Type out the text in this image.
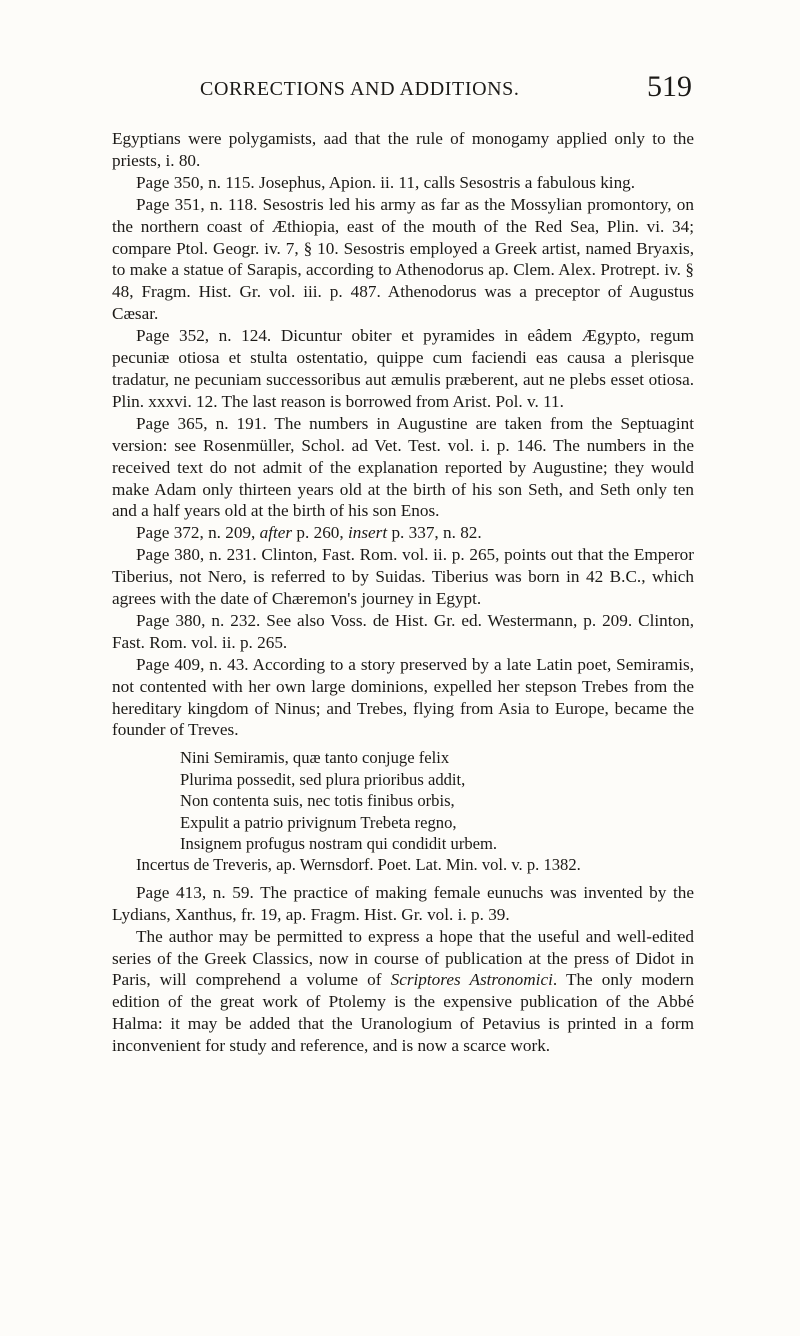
CORRECTIONS AND ADDITIONS.	519

Egyptians were polygamists, aad that the rule of monogamy applied only to the priests, i. 80.

Page 350, n. 115. Josephus, Apion. ii. 11, calls Sesostris a fabulous king.

Page 351, n. 118. Sesostris led his army as far as the Mossylian promontory, on the northern coast of Æthiopia, east of the mouth of the Red Sea, Plin. vi. 34; compare Ptol. Geogr. iv. 7, § 10. Sesostris employed a Greek artist, named Bryaxis, to make a statue of Sarapis, according to Athenodorus ap. Clem. Alex. Protrept. iv. § 48, Fragm. Hist. Gr. vol. iii. p. 487. Athenodorus was a preceptor of Augustus Cæsar.

Page 352, n. 124. Dicuntur obiter et pyramides in eâdem Ægypto, regum pecuniæ otiosa et stulta ostentatio, quippe cum faciendi eas causa a plerisque tradatur, ne pecuniam successoribus aut æmulis præberent, aut ne plebs esset otiosa. Plin. xxxvi. 12. The last reason is borrowed from Arist. Pol. v. 11.

Page 365, n. 191. The numbers in Augustine are taken from the Septuagint version: see Rosenmüller, Schol. ad Vet. Test. vol. i. p. 146. The numbers in the received text do not admit of the explanation reported by Augustine; they would make Adam only thirteen years old at the birth of his son Seth, and Seth only ten and a half years old at the birth of his son Enos.

Page 372, n. 209, after p. 260, insert p. 337, n. 82.

Page 380, n. 231. Clinton, Fast. Rom. vol. ii. p. 265, points out that the Emperor Tiberius, not Nero, is referred to by Suidas. Tiberius was born in 42 B.C., which agrees with the date of Chæremon's journey in Egypt.

Page 380, n. 232. See also Voss. de Hist. Gr. ed. Westermann, p. 209. Clinton, Fast. Rom. vol. ii. p. 265.

Page 409, n. 43. According to a story preserved by a late Latin poet, Semiramis, not contented with her own large dominions, expelled her stepson Trebes from the hereditary kingdom of Ninus; and Trebes, flying from Asia to Europe, became the founder of Treves.

Nini Semiramis, quæ tanto conjuge felix
Plurima possedit, sed plura prioribus addit,
Non contenta suis, nec totis finibus orbis,
Expulit a patrio privignum Trebeta regno,
Insignem profugus nostram qui condidit urbem.
Incertus de Treveris, ap. Wernsdorf. Poet. Lat. Min. vol. v. p. 1382.

Page 413, n. 59. The practice of making female eunuchs was invented by the Lydians, Xanthus, fr. 19, ap. Fragm. Hist. Gr. vol. i. p. 39.

The author may be permitted to express a hope that the useful and well-edited series of the Greek Classics, now in course of publication at the press of Didot in Paris, will comprehend a volume of Scriptores Astronomici. The only modern edition of the great work of Ptolemy is the expensive publication of the Abbé Halma: it may be added that the Uranologium of Petavius is printed in a form inconvenient for study and reference, and is now a scarce work.
